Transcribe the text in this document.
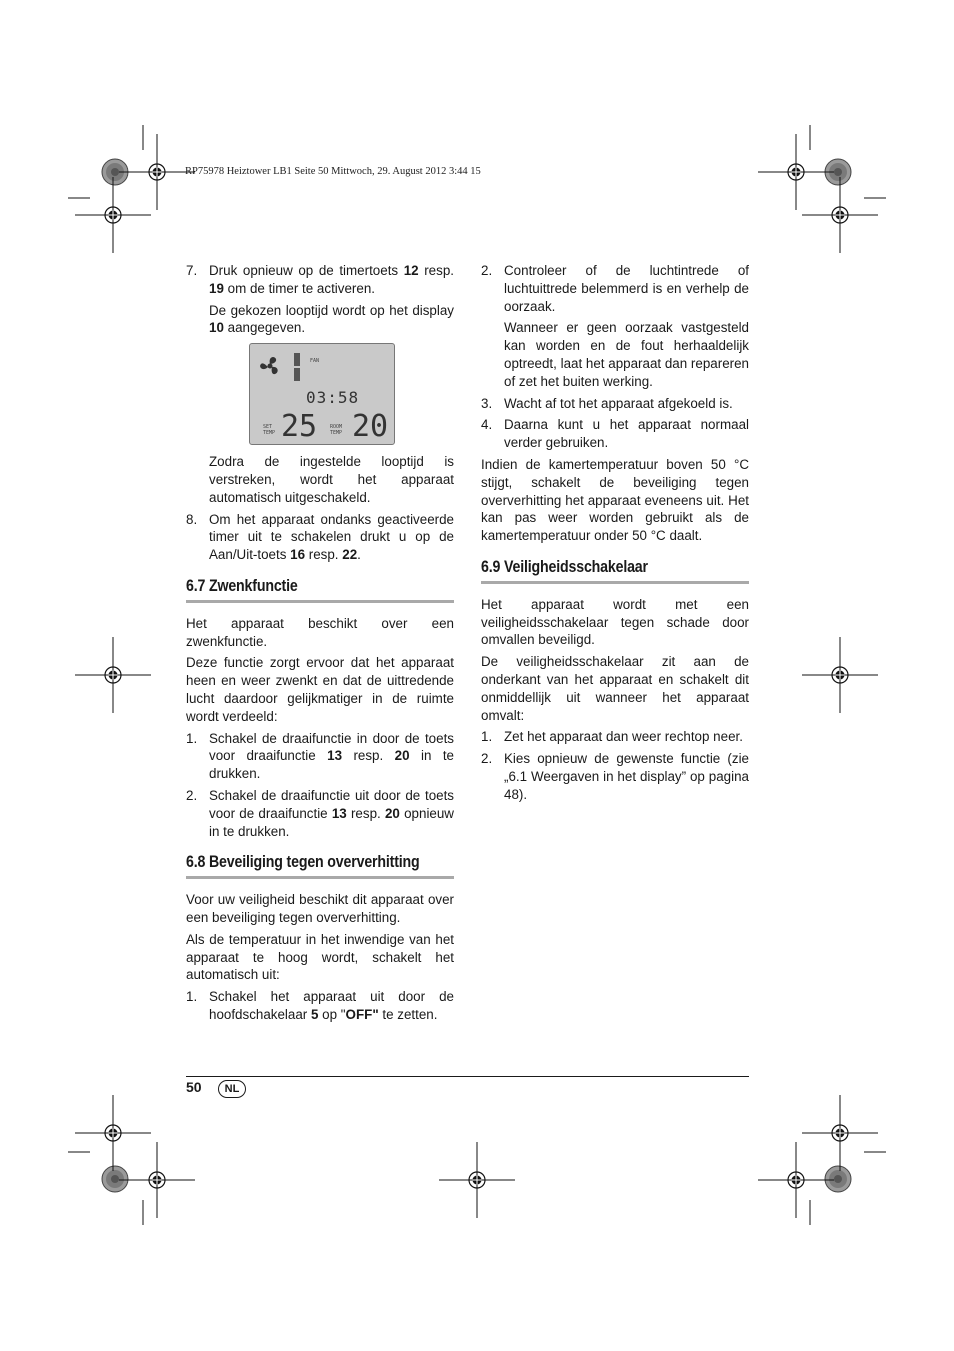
RP75978 Heiztower LB1 Seite 50 Mittwoch, 29. August 2012 3:44 15
7. Druk opnieuw op de timertoets 12 resp. 19 om de timer te activeren.

De gekozen looptijd wordt op het display 10 aangegeven.

FAN
03:58
SET
TEMP 25	ROOM
TEMP 20

Zodra de ingestelde looptijd is verstreken, wordt het apparaat automatisch uitgeschakeld.

8. Om het apparaat ondanks geactiveerde timer uit te schakelen drukt u op de Aan/Uit-toets 16 resp. 22.
6.7 Zwenkfunctie

Het apparaat beschikt over een zwenkfunctie.

Deze functie zorgt ervoor dat het apparaat heen en weer zwenkt en dat de uittredende lucht daardoor gelijkmatiger in de ruimte wordt verdeeld:

1. Schakel de draaifunctie in door de toets voor draaifunctie 13 resp. 20 in te drukken.
2. Schakel de draaifunctie uit door de toets voor de draaifunctie 13 resp. 20 opnieuw in te drukken.
6.8 Beveiliging tegen oververhitting

Voor uw veiligheid beschikt dit apparaat over een beveiliging tegen oververhitting.

Als de temperatuur in het inwendige van het apparaat te hoog wordt, schakelt het automatisch uit:

1. Schakel het apparaat uit door de hoofdschakelaar 5 op "OFF" te zetten.
2. Controleer of de luchtintrede of luchtuittrede belemmerd is en verhelp de oorzaak.

Wanneer er geen oorzaak vastgesteld kan worden en de fout herhaaldelijk optreedt, laat het apparaat dan repareren of zet het buiten werking.

3. Wacht af tot het apparaat afgekoeld is.
4. Daarna kunt u het apparaat normaal verder gebruiken.

Indien de kamertemperatuur boven 50 °C stijgt, schakelt de beveiliging tegen oververhitting het apparaat eveneens uit. Het kan pas weer worden gebruikt als de kamertemperatuur onder 50 °C daalt.

6.9 Veiligheidsschakelaar

Het apparaat wordt met een veiligheidsschakelaar tegen schade door omvallen beveiligd.

De veiligheidsschakelaar zit aan de onderkant van het apparaat en schakelt dit onmiddellijk uit wanneer het apparaat omvalt:

1. Zet het apparaat dan weer rechtop neer.
2. Kies opnieuw de gewenste functie (zie „6.1 Weergaven in het display” op pagina 48).
50	NL
